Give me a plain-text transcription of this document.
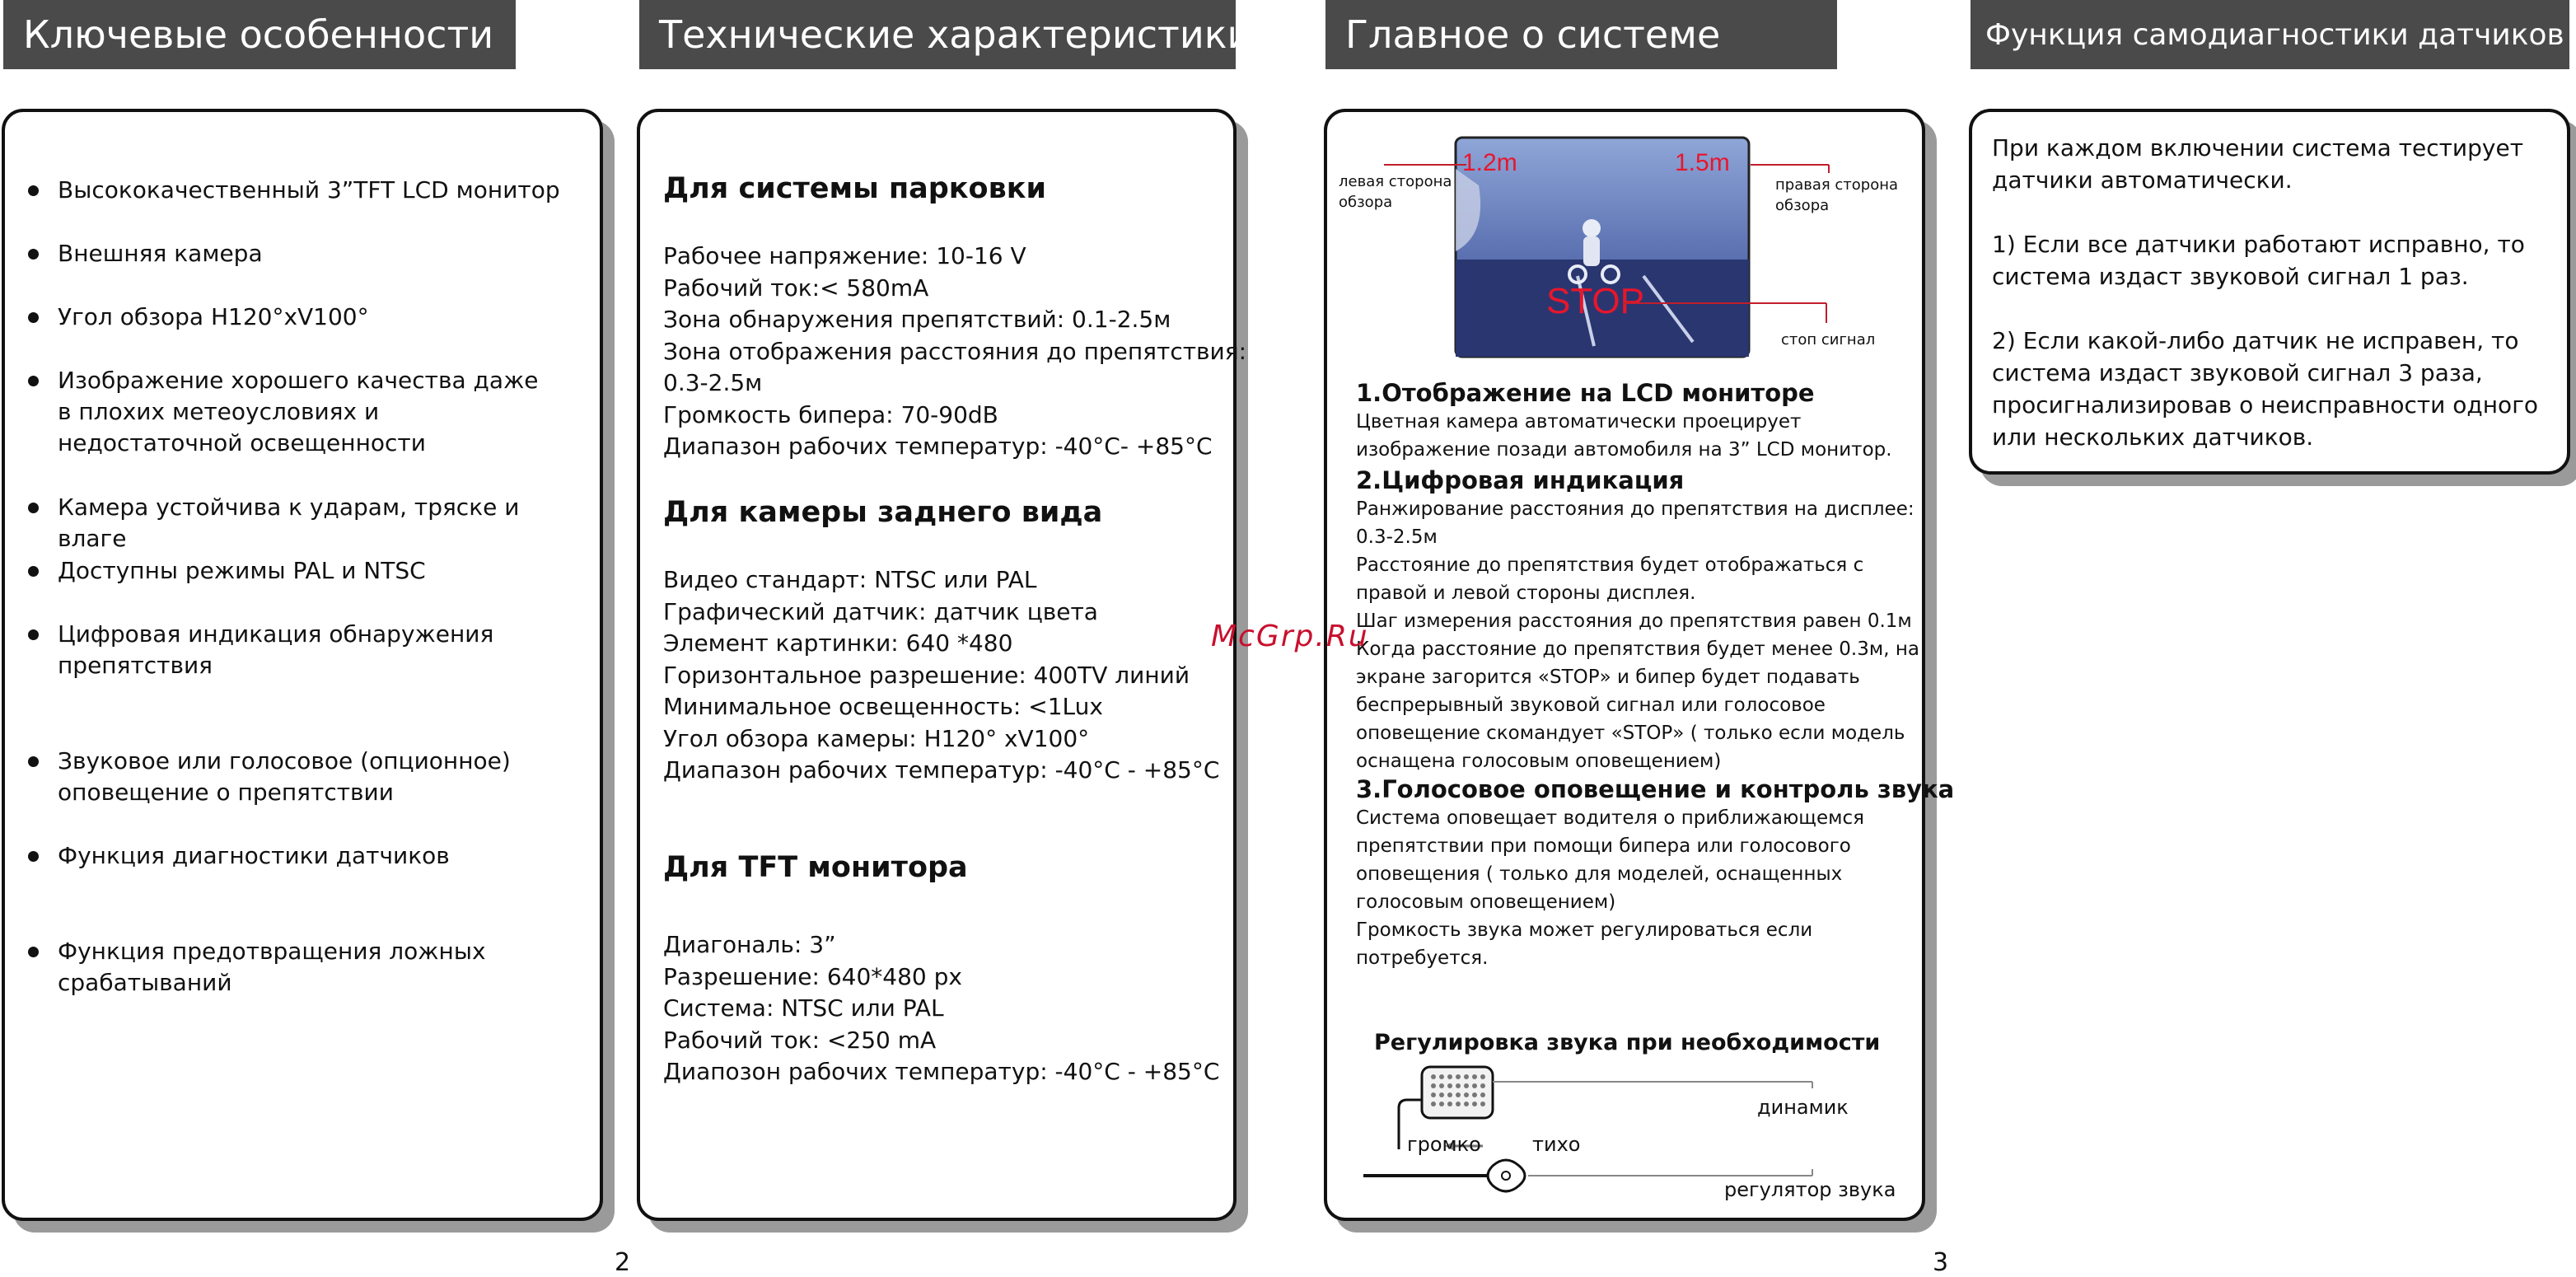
Ключевые особенности	Технические характеристики Главное о системе	Функция самодиагностики датчиков
Высококачественный 3”TFT LCD монитор
Внешняя камера
Угол обзора H120°xV100°
Изображение хорошего качества даже в плохих метеоусловиях и недостаточной освещенности
Камера устойчива к ударам, тряске и влаге
Доступны режимы PAL и NTSC
Цифровая индикация обнаружения препятствия
Звуковое или голосовое (опционное) оповещение о препятствии
Функция диагностики датчиков
Функция предотвращения ложных срабатываний
Для системы парковки
Рабочее напряжение: 10-16 V
Рабочий ток:< 580mA
Зона обнаружения препятствий: 0.1-2.5м
Зона отображения расстояния до препятствия:
0.3-2.5м
Громкость бипера: 70-90dB
Диапазон рабочих температур: -40°C- +85°C
Для камеры заднего вида
Видео стандарт: NTSC или PAL
Графический датчик: датчик цвета
Элемент картинки: 640 *480
Горизонтальное разрешение: 400TV линий
Минимальное освещенность: <1Lux
Угол обзора камеры: H120° xV100°
Диапазон рабочих температур: -40°C - +85°C
Для TFT монитора
Диагональ: 3”
Разрешение: 640*480 px
Система: NTSC или PAL
Рабочий ток: <250 mA
Диапозон рабочих температур: -40°C - +85°C
1.2m	1.5m
STOP
левая сторона
обзора
правая сторона
обзора
стоп сигнал
1.Отображение на LCD мониторе
Цветная камера автоматически проецирует
изображение позади автомобиля на 3” LCD монитор.
2.Цифровая индикация
Ранжирование расстояния до препятствия на дисплее:
0.3-2.5м
Расстояние до препятствия будет отображаться с
правой и левой стороны дисплея.
Шаг измерения расстояния до препятствия равен 0.1м
Когда расстояние до препятствия будет менее 0.3м, на
экране загорится «STOP» и бипер будет подавать
беспрерывный звуковой сигнал или голосовое
оповещение скомандует «STOP» ( только если модель
оснащена голосовым оповещением)
3.Голосовое оповещение и контроль звука
Система оповещает водителя о приближающемся
препятствии при помощи бипера или голосового
оповещения ( только для моделей, оснащенных
голосовым оповещением)
Громкость звука может регулироваться если
потребуется.
Регулировка звука при необходимости
динамик
громко	тихо
регулятор звука
При каждом включении система тестирует
датчики автоматически.
1) Если все датчики работают исправно, то
система издаст звуковой сигнал 1 раз.
2) Если какой-либо датчик не исправен, то
система издаст звуковой сигнал 3 раза,
просигнализировав о неисправности одного
или нескольких датчиков.
McGrp.Ru
2	3
